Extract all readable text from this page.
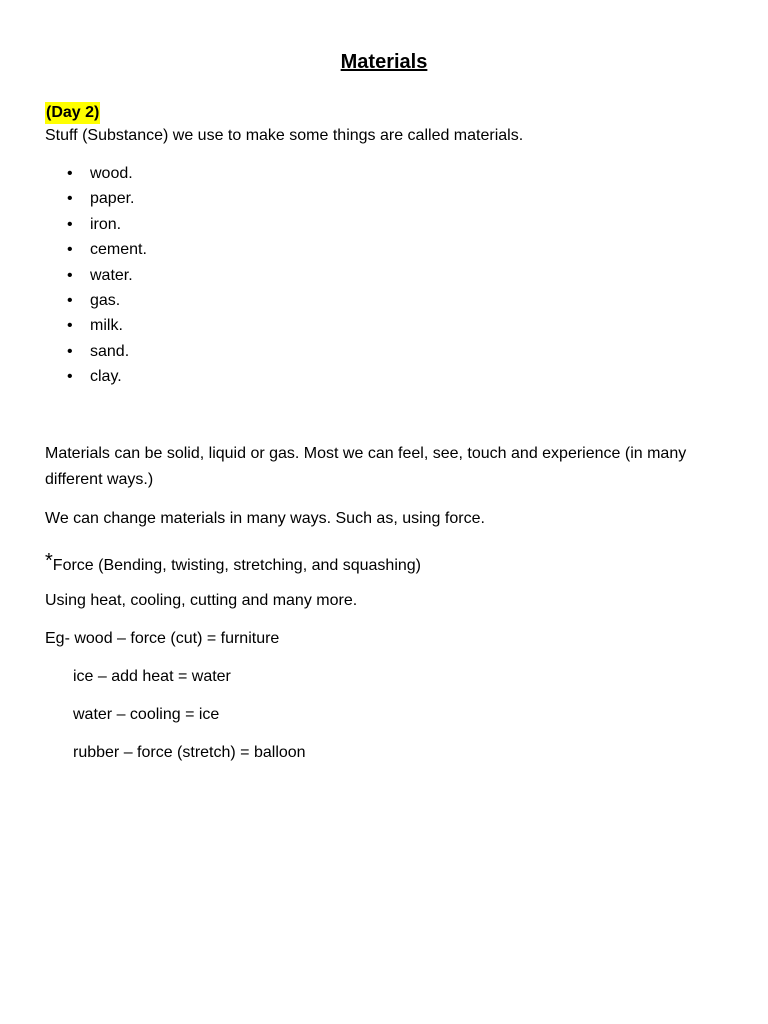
Materials
(Day 2)

Stuff (Substance) we use to make some things are called materials.

• wood.
• paper.
• iron.
• cement.
• water.
• gas.
• milk.
• sand.
• clay.

Materials can be solid, liquid or gas. Most we can feel, see, touch and experience (in many different ways.)

We can change materials in many ways. Such as, using force.

*Force (Bending, twisting, stretching, and squashing)

Using heat, cooling, cutting and many more.

Eg- wood – force (cut) = furniture

ice – add heat = water

water – cooling = ice

rubber – force (stretch) = balloon
